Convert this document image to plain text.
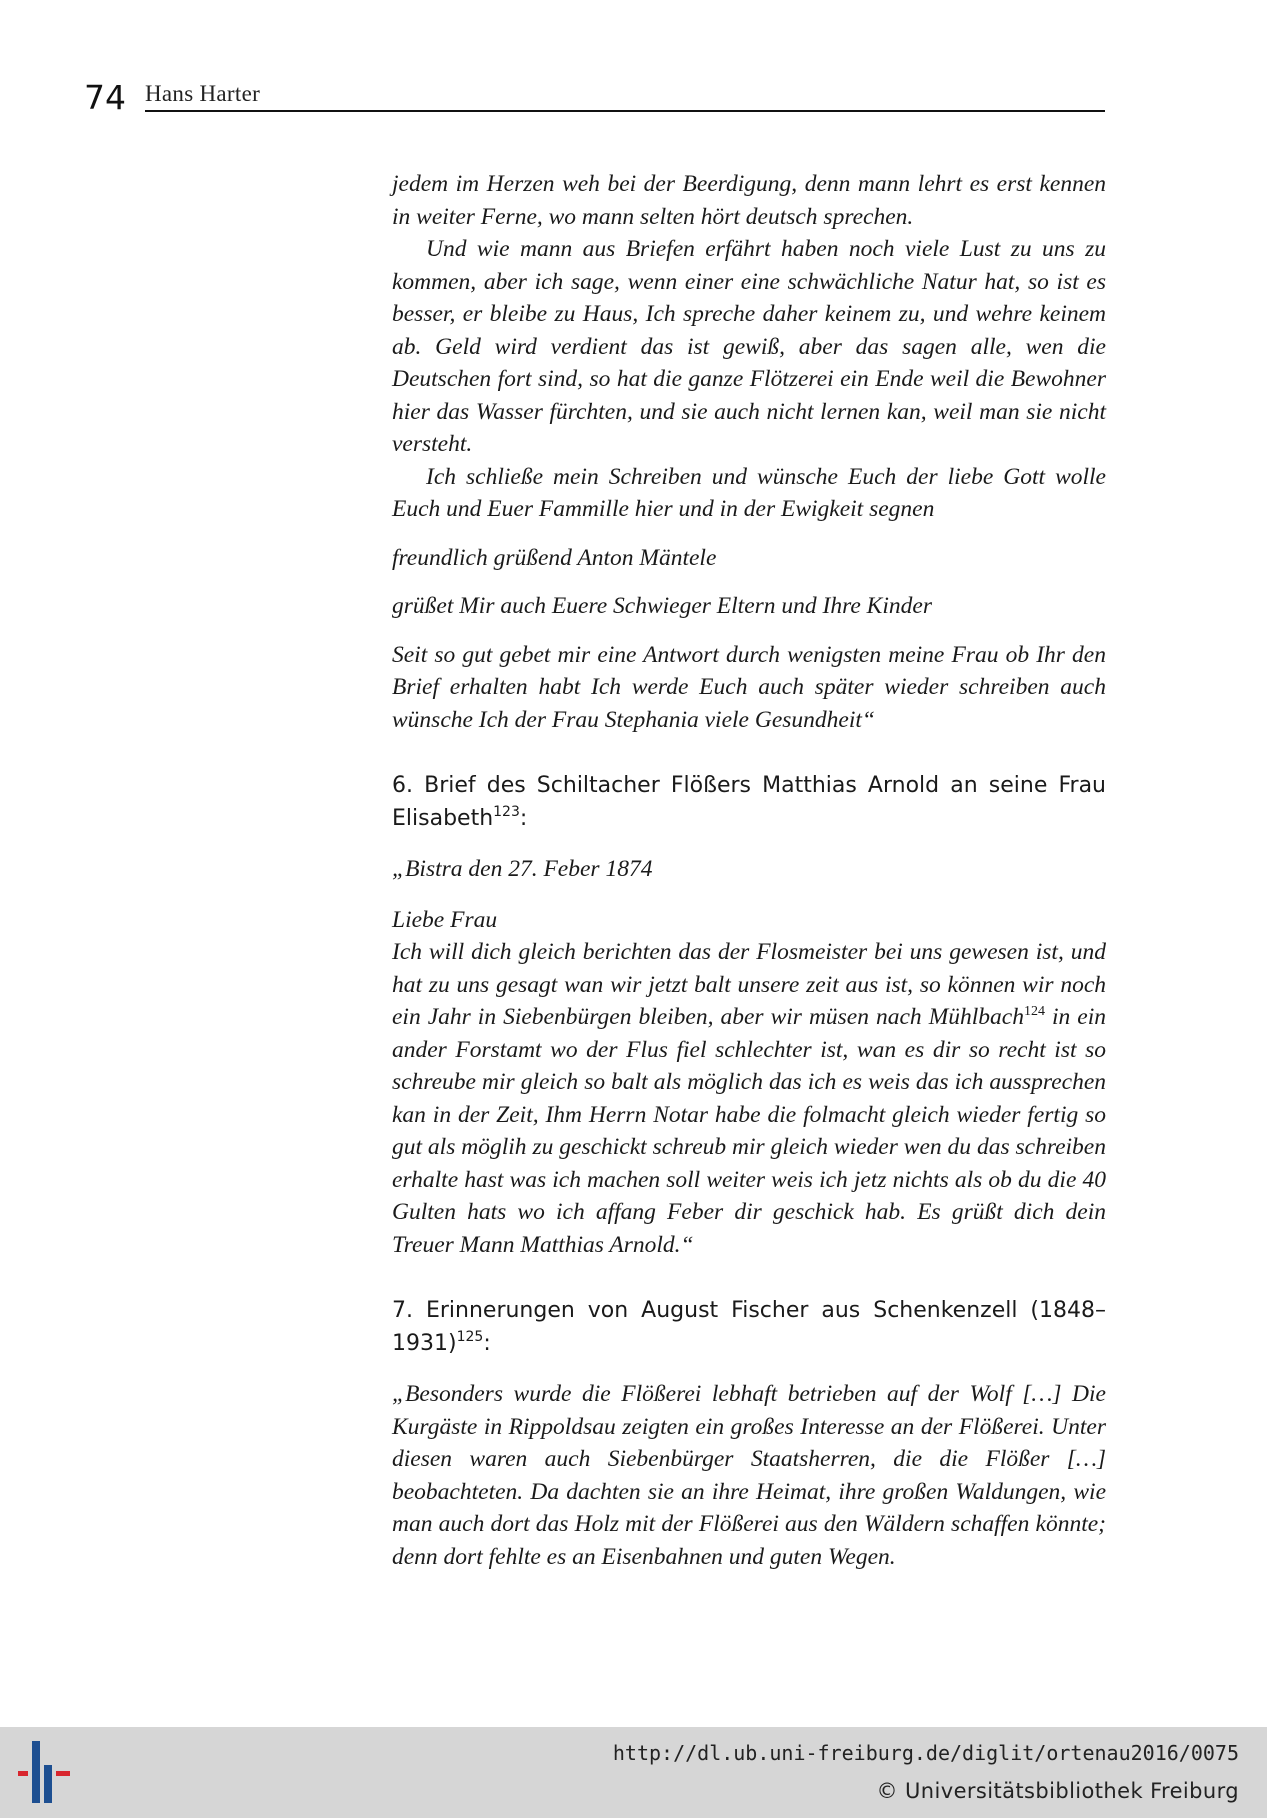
74 Hans Harter

jedem im Herzen weh bei der Beerdigung, denn mann lehrt es erst kennen in weiter Ferne, wo mann selten hört deutsch sprechen.

Und wie mann aus Briefen erfährt haben noch viele Lust zu uns zu kommen, aber ich sage, wenn einer eine schwächliche Natur hat, so ist es besser, er bleibe zu Haus, Ich spreche daher keinem zu, und wehre keinem ab. Geld wird verdient das ist gewiß, aber das sagen alle, wen die Deutschen fort sind, so hat die ganze Flötzerei ein Ende weil die Bewohner hier das Wasser fürchten, und sie auch nicht lernen kan, weil man sie nicht versteht.

Ich schließe mein Schreiben und wünsche Euch der liebe Gott wolle Euch und Euer Fammille hier und in der Ewigkeit segnen

freundlich grüßend Anton Mäntele

grüßet Mir auch Euere Schwieger Eltern und Ihre Kinder

Seit so gut gebet mir eine Antwort durch wenigsten meine Frau ob Ihr den Brief erhalten habt Ich werde Euch auch später wieder schreiben auch wünsche Ich der Frau Stephania viele Gesundheit“

6. Brief des Schiltacher Flößers Matthias Arnold an seine Frau Elisabeth$^{123}$:

„Bistra den 27. Feber 1874

Liebe Frau

Ich will dich gleich berichten das der Flosmeister bei uns gewesen ist, und hat zu uns gesagt wan wir jetzt balt unsere zeit aus ist, so können wir noch ein Jahr in Siebenbürgen bleiben, aber wir müsen nach Mühlbach$^{124}$ in ein ander Forstamt wo der Flus fiel schlechter ist, wan es dir so recht ist so schreube mir gleich so balt als möglich das ich es weis das ich aussprechen kan in der Zeit, Ihm Herrn Notar habe die folmacht gleich wieder fertig so gut als möglih zu geschickt schreub mir gleich wieder wen du das schreiben erhalte hast was ich machen soll weiter weis ich jetz nichts als ob du die 40 Gulten hats wo ich affang Feber dir geschick hab. Es grüßt dich dein Treuer Mann Matthias Arnold.“

7. Erinnerungen von August Fischer aus Schenkenzell (1848–1931)$^{125}$:

„Besonders wurde die Flößerei lebhaft betrieben auf der Wolf […] Die Kurgäste in Rippoldsau zeigten ein großes Interesse an der Flößerei. Unter diesen waren auch Siebenbürger Staatsherren, die die Flößer […] beobachteten. Da dachten sie an ihre Heimat, ihre großen Waldungen, wie man auch dort das Holz mit der Flößerei aus den Wäldern schaffen könnte; denn dort fehlte es an Eisenbahnen und guten Wegen.

http://dl.ub.uni-freiburg.de/diglit/ortenau2016/0075
© Universitätsbibliothek Freiburg
